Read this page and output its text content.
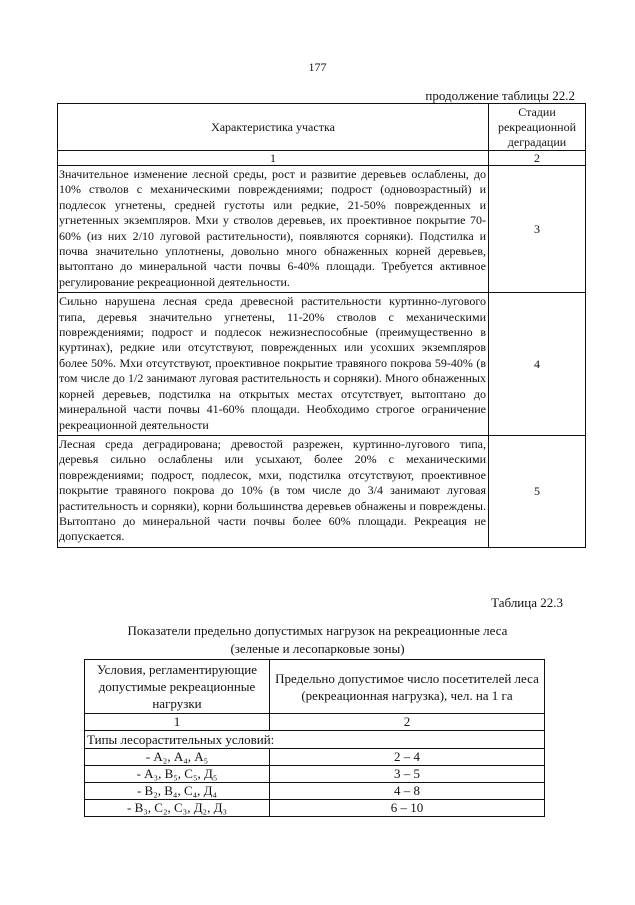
177
продолжение таблицы 22.2
Характеристика участка	Стадии рекреационной деградации
1	2
Значительное изменение лесной среды, рост и развитие деревьев ослаблены, до 10% стволов с механическими повреждениями; подрост (одновозрастный) и подлесок угнетены, средней густоты или редкие, 21-50% поврежденных и угнетенных экземпляров. Мхи у стволов деревьев, их проективное покрытие 70-60% (из них 2/10 луговой растительности), появляются сорняки). Подстилка и почва значительно уплотнены, довольно много обнаженных корней деревьев, вытоптано до минеральной части почвы 6-40% площади. Требуется активное регулирование рекреационной деятельности.	3
Сильно нарушена лесная среда древесной растительности куртинно-лугового типа, деревья значительно угнетены, 11-20% стволов с механическими повреждениями; подрост и подлесок нежизнеспособные (преимущественно в куртинах), редкие или отсутствуют, поврежденных или усохших экземпляров более 50%. Мхи отсутствуют, проективное покрытие травяного покрова 59-40% (в том числе до 1/2 занимают луговая растительность и сорняки). Много обнаженных корней деревьев, подстилка на открытых местах отсутствует, вытоптано до минеральной части почвы 41-60% площади. Необходимо строгое ограничение рекреационной деятельности	4
Лесная среда деградирована; древостой разрежен, куртинно-лугового типа, деревья сильно ослаблены или усыхают, более 20% с механическими повреждениями; подрост, подлесок, мхи, подстилка отсутствуют, проективное покрытие травяного покрова до 10% (в том числе до 3/4 занимают луговая растительность и сорняки), корни большинства деревьев обнажены и повреждены. Вытоптано до минеральной части почвы более 60% площади. Рекреация не допускается.	5
Таблица 22.3
Показатели предельно допустимых нагрузок на рекреационные леса
(зеленые и лесопарковые зоны)
Условия, регламентирующие допустимые рекреационные нагрузки	Предельно допустимое число посетителей леса (рекреационная нагрузка), чел. на 1 га
1	2
Типы лесорастительных условий:	
- А₂, А₄, А₅	2 – 4
- А₃, В₅, С₅, Д₅	3 – 5
- В₂, В₄, С₄, Д₄	4 – 8
- В₃, С₂, С₃, Д₂, Д₃	6 – 10
